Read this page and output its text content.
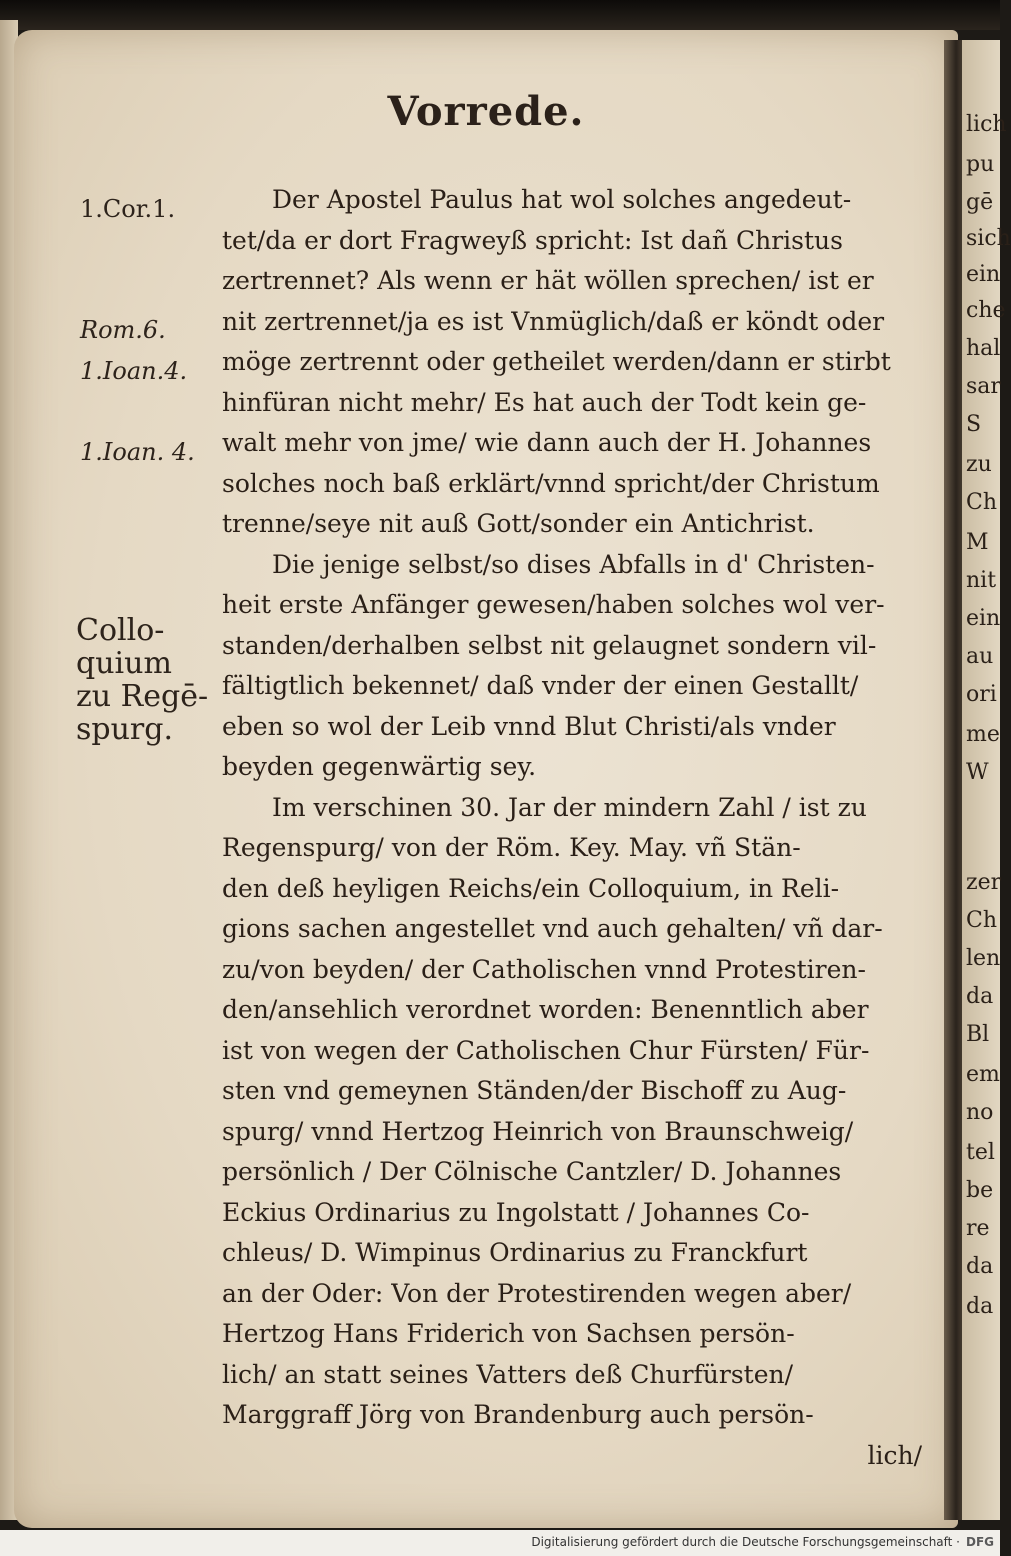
Vorrede.
1.Cor.1.
Rom.6.
1.Ioan.4.
1.Ioan. 4.
Collo-
quium
zu Regē-
spurg.
Der Apostel Paulus hat wol solches angedeut-
tet/da er dort Fragweyß spricht: Ist dañ Christus
zertrennet? Als wenn er hät wöllen sprechen/ ist er
nit zertrennet/ja es ist Vnmüglich/daß er köndt oder
möge zertrennt oder getheilet werden/dann er stirbt
hinfüran nicht mehr/ Es hat auch der Todt kein ge-
walt mehr von jme/ wie dann auch der H. Johannes
solches noch baß erklärt/vnnd spricht/der Christum
trenne/seye nit auß Gott/sonder ein Antichrist.
Die jenige selbst/so dises Abfalls in d' Christen-
heit erste Anfänger gewesen/haben solches wol ver-
standen/derhalben selbst nit gelaugnet sondern vil-
fältigtlich bekennet/ daß vnder der einen Gestallt/
eben so wol der Leib vnnd Blut Christi/als vnder
beyden gegenwärtig sey.
Im verschinen 30. Jar der mindern Zahl / ist zu
Regenspurg/ von der Röm. Key. May. vñ Stän-
den deß heyligen Reichs/ein Colloquium, in Reli-
gions sachen angestellet vnd auch gehalten/ vñ dar-
zu/von beyden/ der Catholischen vnnd Protestiren-
den/ansehlich verordnet worden: Benenntlich aber
ist von wegen der Catholischen Chur Fürsten/ Für-
sten vnd gemeynen Ständen/der Bischoff zu Aug-
spurg/ vnnd Hertzog Heinrich von Braunschweig/
persönlich / Der Cölnische Cantzler/ D. Johannes
Eckius Ordinarius zu Ingolstatt / Johannes Co-
chleus/ D. Wimpinus Ordinarius zu Franckfurt
an der Oder: Von der Protestirenden wegen aber/
Hertzog Hans Friderich von Sachsen persön-
lich/ an statt seines Vatters deß Churfürsten/
Marggraff Jörg von Brandenburg auch persön-
lich/
lich
pu
gē
sich
ein
che
hal
sar
S
zu
Ch
M
nit
ein
au
ori
me
W
zer
Ch
len
da
Bl
em
no
tel
be
re
da
da
Digitalisierung gefördert durch die Deutsche Forschungsgemeinschaft · DFG
